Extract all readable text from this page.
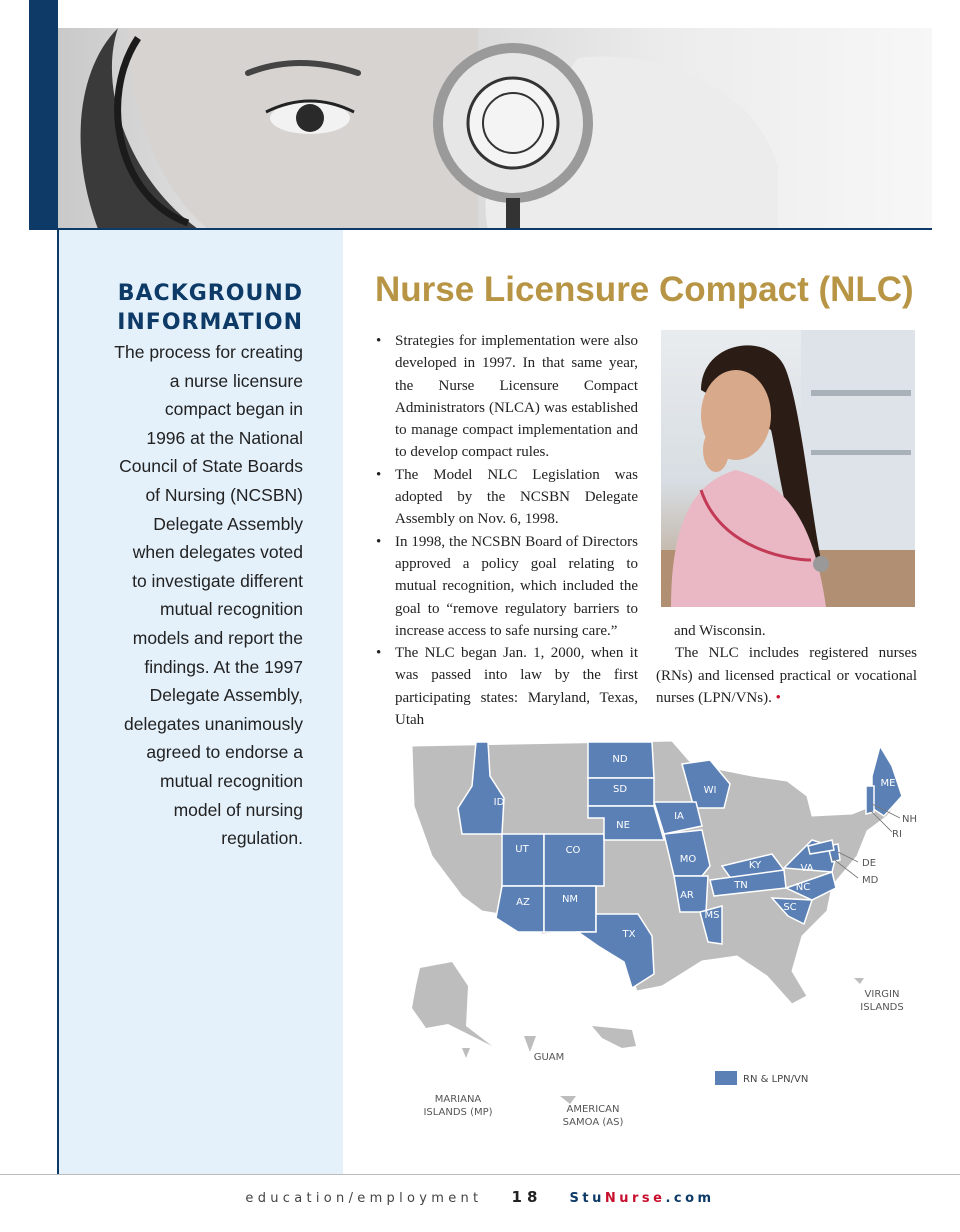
BACKGROUND
INFORMATION
The process for creating
a nurse licensure
compact began in
1996 at the National
Council of State Boards
of Nursing (NCSBN)
Delegate Assembly
when delegates voted
to investigate different
mutual recognition
models and report the
findings. At the 1997
Delegate Assembly,
delegates unanimously
agreed to endorse a
mutual recognition
model of nursing
regulation.
Nurse Licensure Compact (NLC)
• Strategies for implementation were also developed in 1997. In that same year, the Nurse Licensure Compact Administrators (NLCA) was established to manage compact implementation and to develop compact rules.
• The Model NLC Legislation was adopted by the NCSBN Delegate Assembly on Nov. 6, 1998.
• In 1998, the NCSBN Board of Directors approved a policy goal relating to mutual recognition, which included the goal to “remove regulatory barriers to increase access to safe nursing care.”
• The NLC began Jan. 1, 2000, when it was passed into law by the first participating states: Maryland, Texas, Utah

and Wisconsin.

The NLC includes registered nurses (RNs) and licensed practical or vocational nurses (LPN/VNs). •

ND
SD
NE
ID
UT	CO
AZ	NM
TX
WI
IA
MO
AR
MS
KY
TN
VA
NC
SC
ME
NH
RI
DE
MD
VIRGIN
ISLANDS
GUAM
MARIANA
ISLANDS (MP)	AMERICAN
SAMOA (AS)
RN & LPN/VN
education/employment 18 StuNurse.com
